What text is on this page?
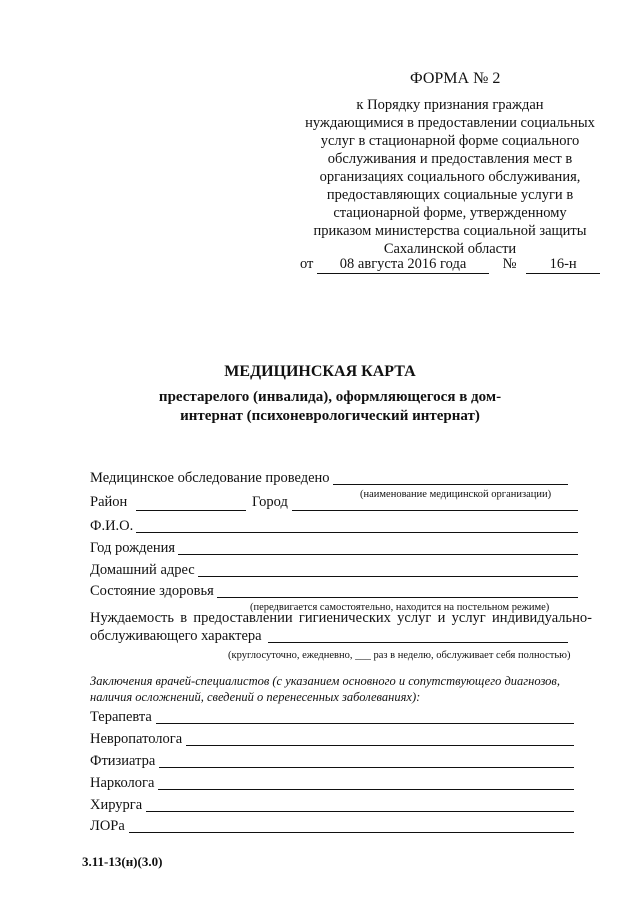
ФОРМА № 2
к Порядку признания граждан
нуждающимися в предоставлении социальных
услуг в стационарной форме социального
обслуживания и предоставления мест в
организациях социального обслуживания,
предоставляющих социальные услуги в
стационарной форме, утвержденному
приказом министерства социальной защиты
Сахалинской области
от 08 августа 2016 года	№ 16-н
МЕДИЦИНСКАЯ КАРТА
престарелого (инвалида), оформляющегося в дом-
интернат (психоневрологический интернат)
Медицинское обследование проведено
(наименование медицинской организации)
Район	Город
Ф.И.О.
Год рождения
Домашний адрес
Состояние здоровья
(передвигается самостоятельно, находится на постельном режиме)
Нуждаемость в предоставлении гигиенических услуг и услуг индивидуально-
обслуживающего характера
(круглосуточно, ежедневно, ___ раз в неделю, обслуживает себя полностью)
Заключения врачей-специалистов (с указанием основного и сопутствующего диагнозов, наличия осложнений, сведений о перенесенных заболеваниях):
Терапевта
Невропатолога
Фтизиатра
Нарколога
Хирурга
ЛОРа
3.11-13(н)(3.0)
